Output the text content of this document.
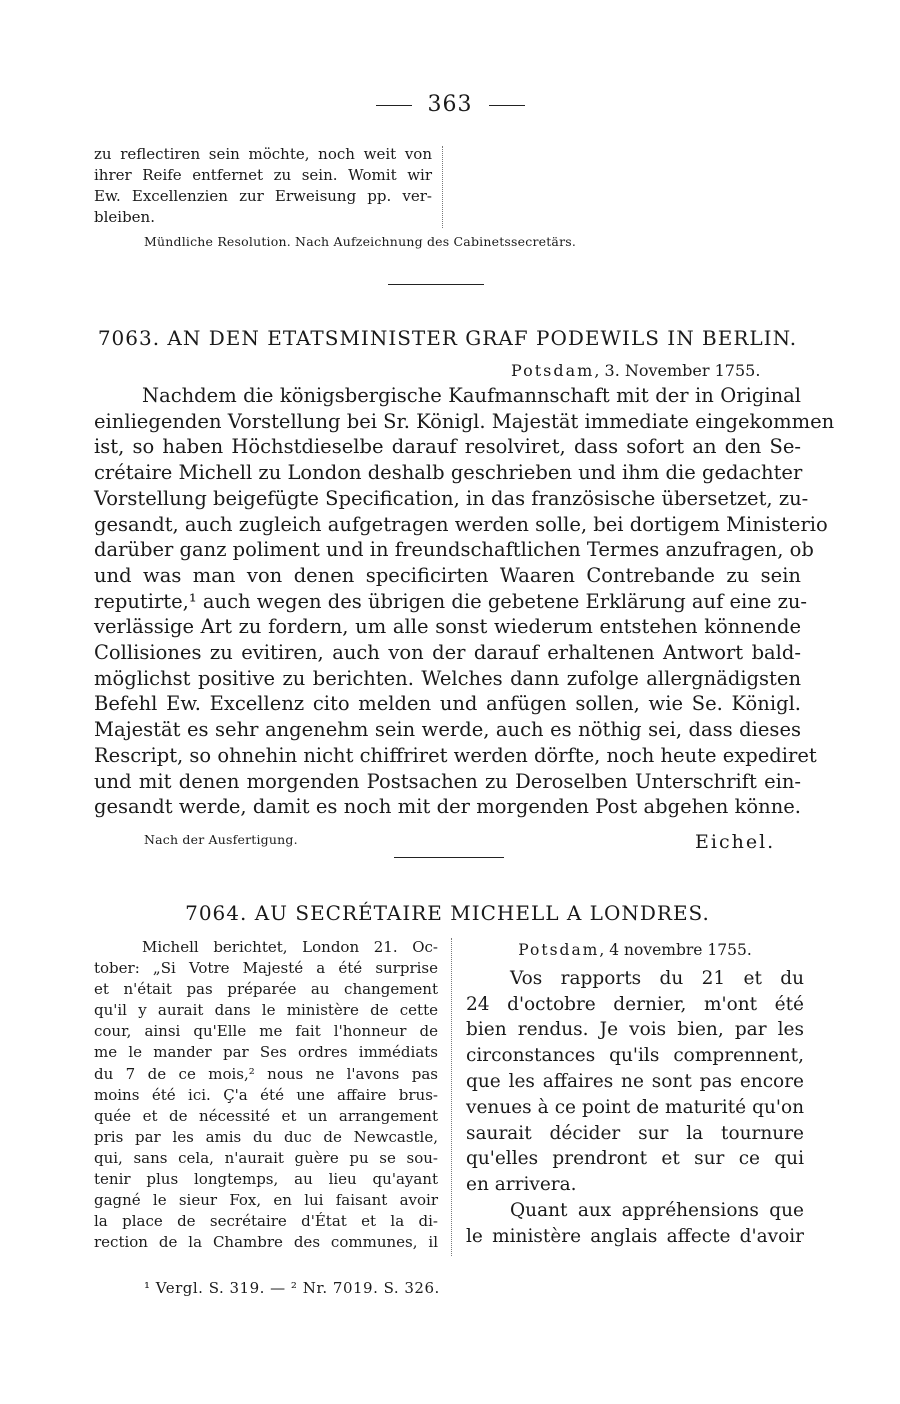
363
zu reflectiren sein möchte, noch weit von
ihrer Reife entfernet zu sein. Womit wir
Ew. Excellenzien zur Erweisung pp. ver-
bleiben.
Mündliche Resolution. Nach Aufzeichnung des Cabinetssecretärs.
7063. AN DEN ETATSMINISTER GRAF PODEWILS IN BERLIN.
Potsdam, 3. November 1755.
Nachdem die königsbergische Kaufmannschaft mit der in Original
einliegenden Vorstellung bei Sr. Königl. Majestät immediate eingekommen
ist, so haben Höchstdieselbe darauf resolviret, dass sofort an den Se-
crétaire Michell zu London deshalb geschrieben und ihm die gedachter
Vorstellung beigefügte Specification, in das französische übersetzet, zu-
gesandt, auch zugleich aufgetragen werden solle, bei dortigem Ministerio
darüber ganz poliment und in freundschaftlichen Termes anzufragen, ob
und was man von denen specificirten Waaren Contrebande zu sein
reputirte,¹ auch wegen des übrigen die gebetene Erklärung auf eine zu-
verlässige Art zu fordern, um alle sonst wiederum entstehen könnende
Collisiones zu evitiren, auch von der darauf erhaltenen Antwort bald-
möglichst positive zu berichten. Welches dann zufolge allergnädigsten
Befehl Ew. Excellenz cito melden und anfügen sollen, wie Se. Königl.
Majestät es sehr angenehm sein werde, auch es nöthig sei, dass dieses
Rescript, so ohnehin nicht chiffriret werden dörfte, noch heute expediret
und mit denen morgenden Postsachen zu Deroselben Unterschrift ein-
gesandt werde, damit es noch mit der morgenden Post abgehen könne.
Nach der Ausfertigung.	Eichel.
7064. AU SECRÉTAIRE MICHELL A LONDRES.
Michell berichtet, London 21. Oc-
tober: „Si Votre Majesté a été surprise
et n'était pas préparée au changement
qu'il y aurait dans le ministère de cette
cour, ainsi qu'Elle me fait l'honneur de
me le mander par Ses ordres immédiats
du 7 de ce mois,² nous ne l'avons pas
moins été ici. Ç'a été une affaire brus-
quée et de nécessité et un arrangement
pris par les amis du duc de Newcastle,
qui, sans cela, n'aurait guère pu se sou-
tenir plus longtemps, au lieu qu'ayant
gagné le sieur Fox, en lui faisant avoir
la place de secrétaire d'État et la di-
rection de la Chambre des communes, il
Potsdam, 4 novembre 1755.
Vos rapports du 21 et du
24 d'octobre dernier, m'ont été
bien rendus. Je vois bien, par les
circonstances qu'ils comprennent,
que les affaires ne sont pas encore
venues à ce point de maturité qu'on
saurait décider sur la tournure
qu'elles prendront et sur ce qui
en arrivera.
Quant aux appréhensions que
le ministère anglais affecte d'avoir
¹ Vergl. S. 319. — ² Nr. 7019. S. 326.
